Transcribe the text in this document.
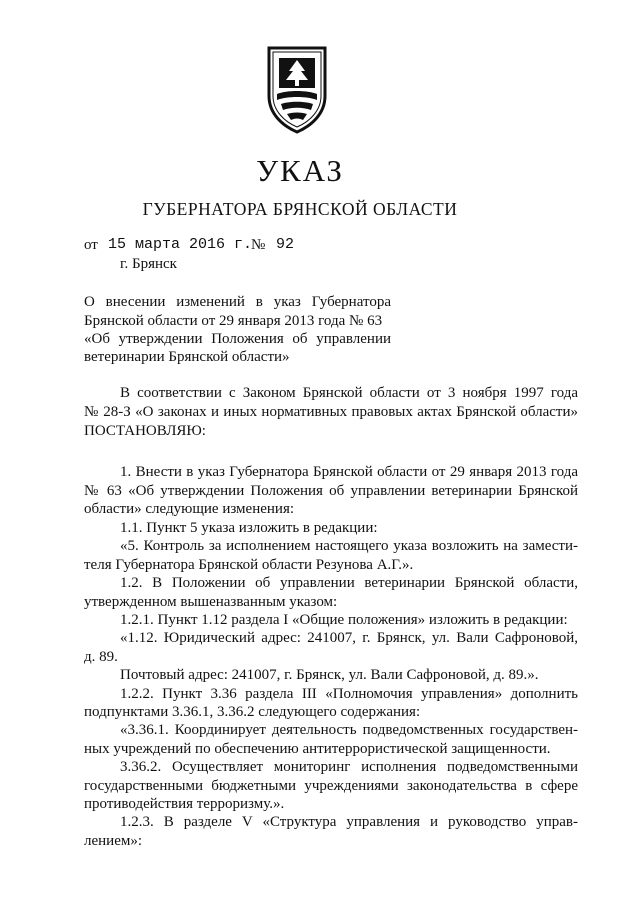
УКАЗ
ГУБЕРНАТОРА БРЯНСКОЙ ОБЛАСТИ
от 15 марта 2016 г.
№ 92
г. Брянск
О внесении изменений в указ Губернатора
Брянской области от 29 января 2013 года № 63
«Об утверждении Положения об управлении
ветеринарии Брянской области»
В соответствии с Законом Брянской области от 3 ноября 1997 года
№ 28-З «О законах и иных нормативных правовых актах Брянской области»
ПОСТАНОВЛЯЮ:
1. Внести в указ Губернатора Брянской области от 29 января 2013 года
№ 63 «Об утверждении Положения об управлении ветеринарии Брянской
области» следующие изменения:
1.1. Пункт 5 указа изложить в редакции:
«5. Контроль за исполнением настоящего указа возложить на замести-
теля Губернатора Брянской области Резунова А.Г.».
1.2. В Положении об управлении ветеринарии Брянской области,
утвержденном вышеназванным указом:
1.2.1. Пункт 1.12 раздела I «Общие положения» изложить в редакции:
«1.12. Юридический адрес: 241007, г. Брянск, ул. Вали Сафроновой,
д. 89.
Почтовый адрес: 241007, г. Брянск, ул. Вали Сафроновой, д. 89.».
1.2.2. Пункт 3.36 раздела III «Полномочия управления» дополнить
подпунктами 3.36.1, 3.36.2 следующего содержания:
«3.36.1. Координирует деятельность подведомственных государствен-
ных учреждений по обеспечению антитеррористической защищенности.
3.36.2. Осуществляет мониторинг исполнения подведомственными
государственными бюджетными учреждениями законодательства в сфере
противодействия терроризму.».
1.2.3. В разделе V «Структура управления и руководство управ-
лением»:
